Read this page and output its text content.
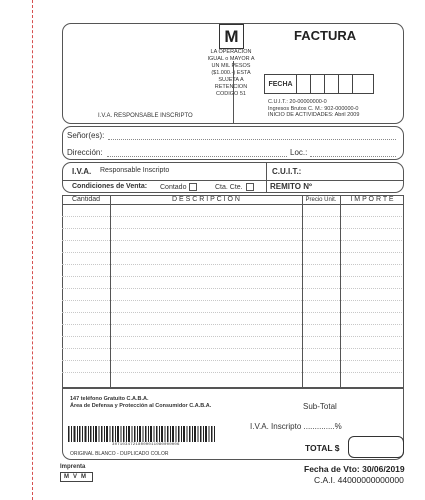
M
LA OPERACION IGUAL o MAYOR A UN MIL PESOS ($1.000.-) ESTA SUJETA A RETENCION CODIGO 51
FACTURA
I.V.A. RESPONSABLE INSCRIPTO
FECHA
C.U.I.T.: 20-00000000-0
Ingresos Brutos C. M.: 902-000000-0
INICIO DE ACTIVIDADES: Abril 2009
Señor(es):
Dirección:	Loc.:
I.V.A. Responsable Inscripto	C.U.I.T.:
Condiciones de Venta: Contado	Cta. Cte.	REMITO Nº
Cantidad	D E S C R I P C I O N	Precio Unit.	I M P O R T E
147 teléfono Gratuito C.A.B.A.
Área de Defensa y Protección al Consumidor C.A.B.A.	Sub-Total
I.V.A. Inscripto ..............%
TOTAL $
30710347218000011080000006
ORIGINAL BLANCO - DUPLICADO COLOR
Imprenta
MVM
Fecha de Vto: 30/06/2019
C.A.I. 44000000000000
